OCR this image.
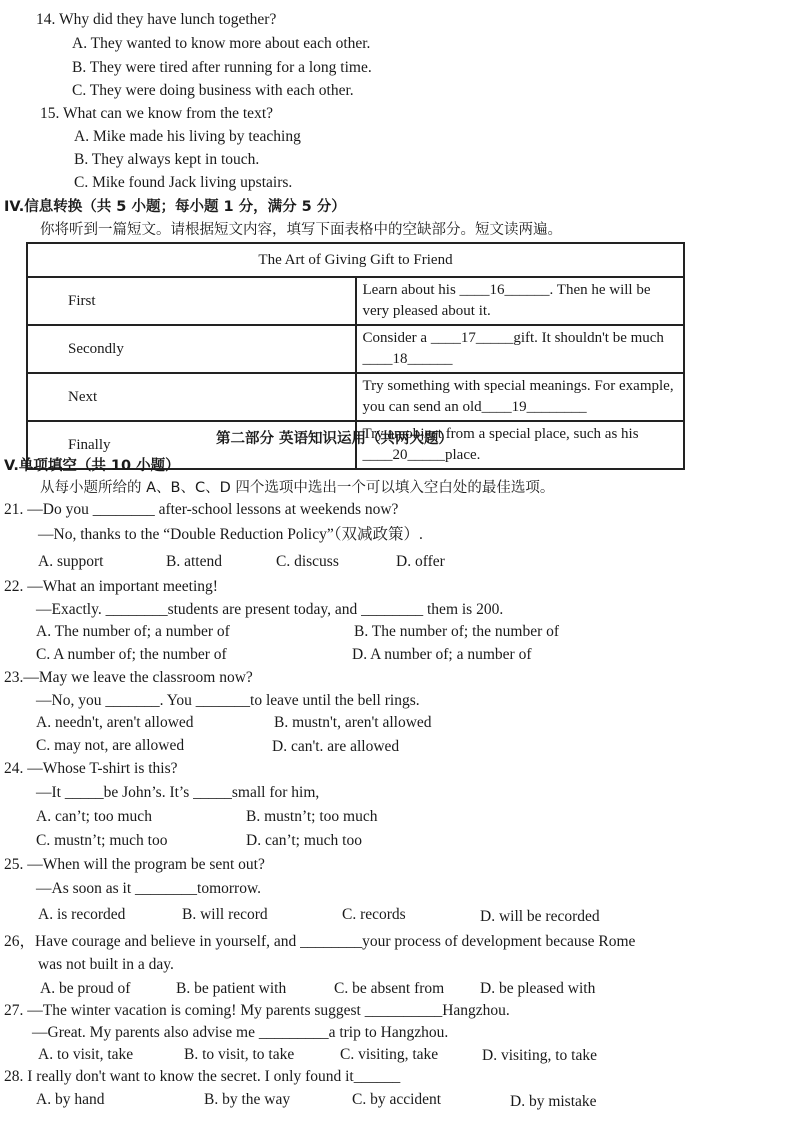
14. Why did they have lunch together?
A. They wanted to know more about each other.
B. They were tired after running for a long time.
C. They were doing business with each other.
15. What can we know from the text?
A. Mike made his living by teaching
B. They always kept in touch.
C. Mike found Jack living upstairs.
IV.信息转换（共 5 小题；每小题 1 分，满分 5 分）
你将听到一篇短文。请根据短文内容，填写下面表格中的空缺部分。短文读两遍。
The Art of Giving Gift to Friend	
First	Learn about his ____16______. Then he will be very pleased about it.
Secondly	Consider a ____17_____gift. It shouldn't be much ____18______
Next	Try something with special meanings. For example, you can send an old____19________
Finally	Try an object from a special place, such as his ____20_____place.
第二部分 英语知识运用（共两大题）
V.单项填空（共 10 小题）
从每小题所给的 A、B、C、D 四个选项中选出一个可以填入空白处的最佳选项。
21. —Do you ________ after-school lessons at weekends now?
—No, thanks to the “Double Reduction Policy”（双减政策）.
A. support	B. attend	C. discuss	D. offer
22. —What an important meeting!
—Exactly. ________students are present today, and ________ them is 200.
A. The number of; a number of	B. The number of; the number of
C. A number of; the number of	D. A number of; a number of
23.—May we leave the classroom now?
—No, you _______. You _______to leave until the bell rings.
A. needn't, aren't allowed	B. mustn't, aren't allowed
C. may not, are allowed	D. can't. are allowed
24. —Whose T-shirt is this?
—It _____be John’s. It’s _____small for him,
A. can’t; too much	B. mustn’t; too much
C. mustn’t; much too	D. can’t; much too
25. —When will the program be sent out?
—As soon as it ________tomorrow.
A. is recorded	B. will record	C. records	D. will be recorded
26，Have courage and believe in yourself, and ________your process of development because Rome
was not built in a day.
A. be proud of	B. be patient with	C. be absent from D. be pleased with
27. —The winter vacation is coming! My parents suggest __________Hangzhou.
—Great. My parents also advise me _________a trip to Hangzhou.
A. to visit, take	B. to visit, to take	C. visiting, take	D. visiting, to take
28. I really don't want to know the secret. I only found it______
A. by hand	B. by the way	C. by accident	D. by mistake
